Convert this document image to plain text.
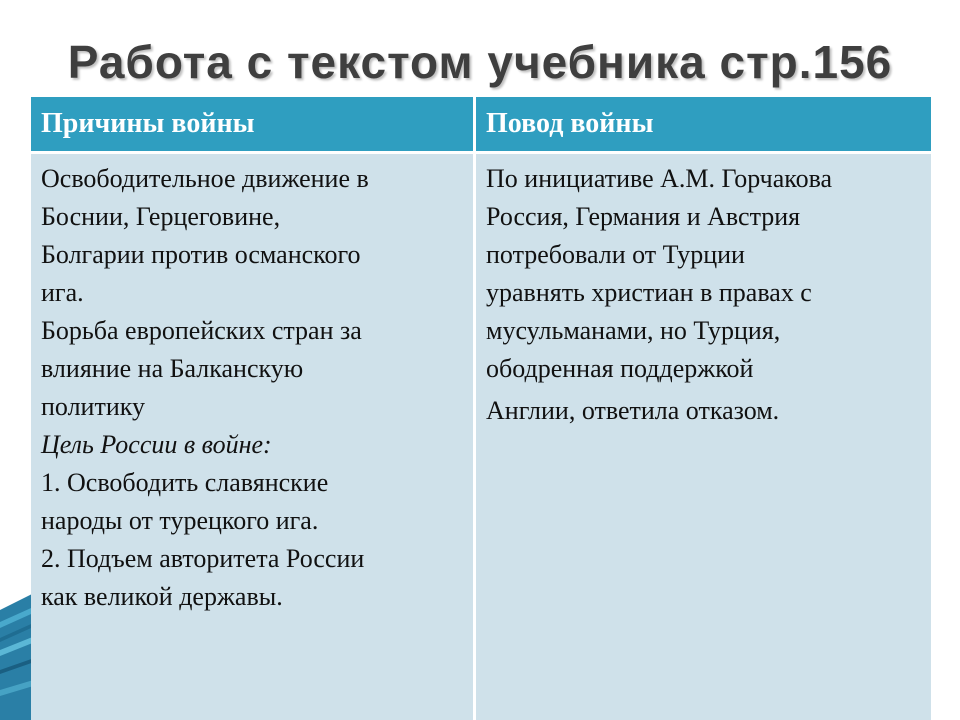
Работа с текстом учебника стр.156
Причины войны
Освободительное движение в
Боснии, Герцеговине,
Болгарии против османского
ига.
Борьба европейских стран за
влияние на Балканскую
политику
Цель России в войне:
1. Освободить славянские
народы от турецкого ига.
2. Подъем авторитета России
как великой державы.
Повод войны
По инициативе А.М. Горчакова
Россия, Германия и Австрия
потребовали от Турции
уравнять христиан в правах с
мусульманами, но Турция,
ободренная поддержкой
Англии, ответила отказом.
